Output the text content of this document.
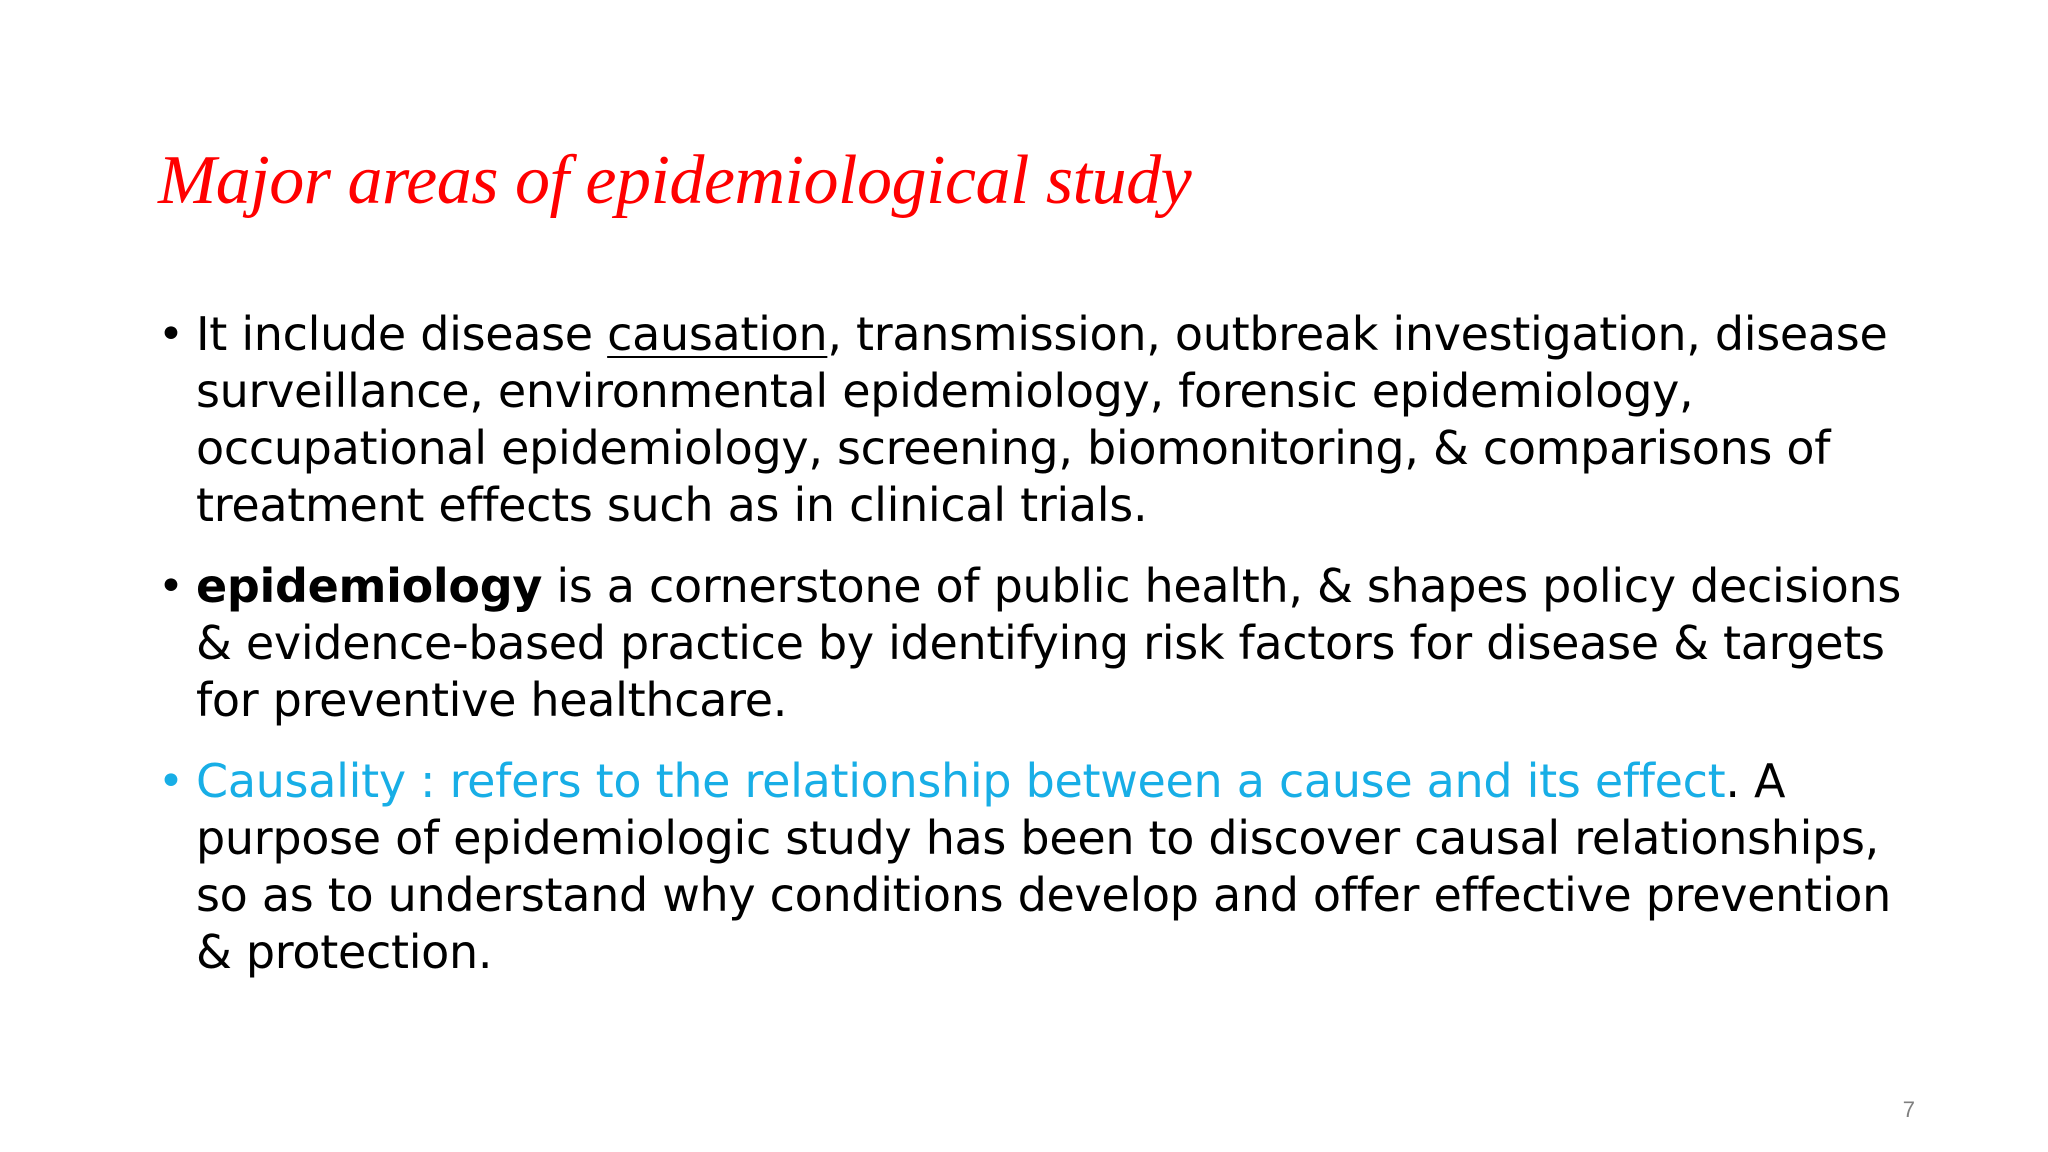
Major areas of epidemiological study
• It include disease causation, transmission, outbreak investigation, disease surveillance, environmental epidemiology, forensic epidemiology, occupational epidemiology, screening, biomonitoring, & comparisons of treatment effects such as in clinical trials.
• epidemiology is a cornerstone of public health, & shapes policy decisions & evidence-based practice by identifying risk factors for disease & targets for preventive healthcare.
• Causality : refers to the relationship between a cause and its effect. A purpose of epidemiologic study has been to discover causal relationships, so as to understand why conditions develop and offer effective prevention & protection.
7
